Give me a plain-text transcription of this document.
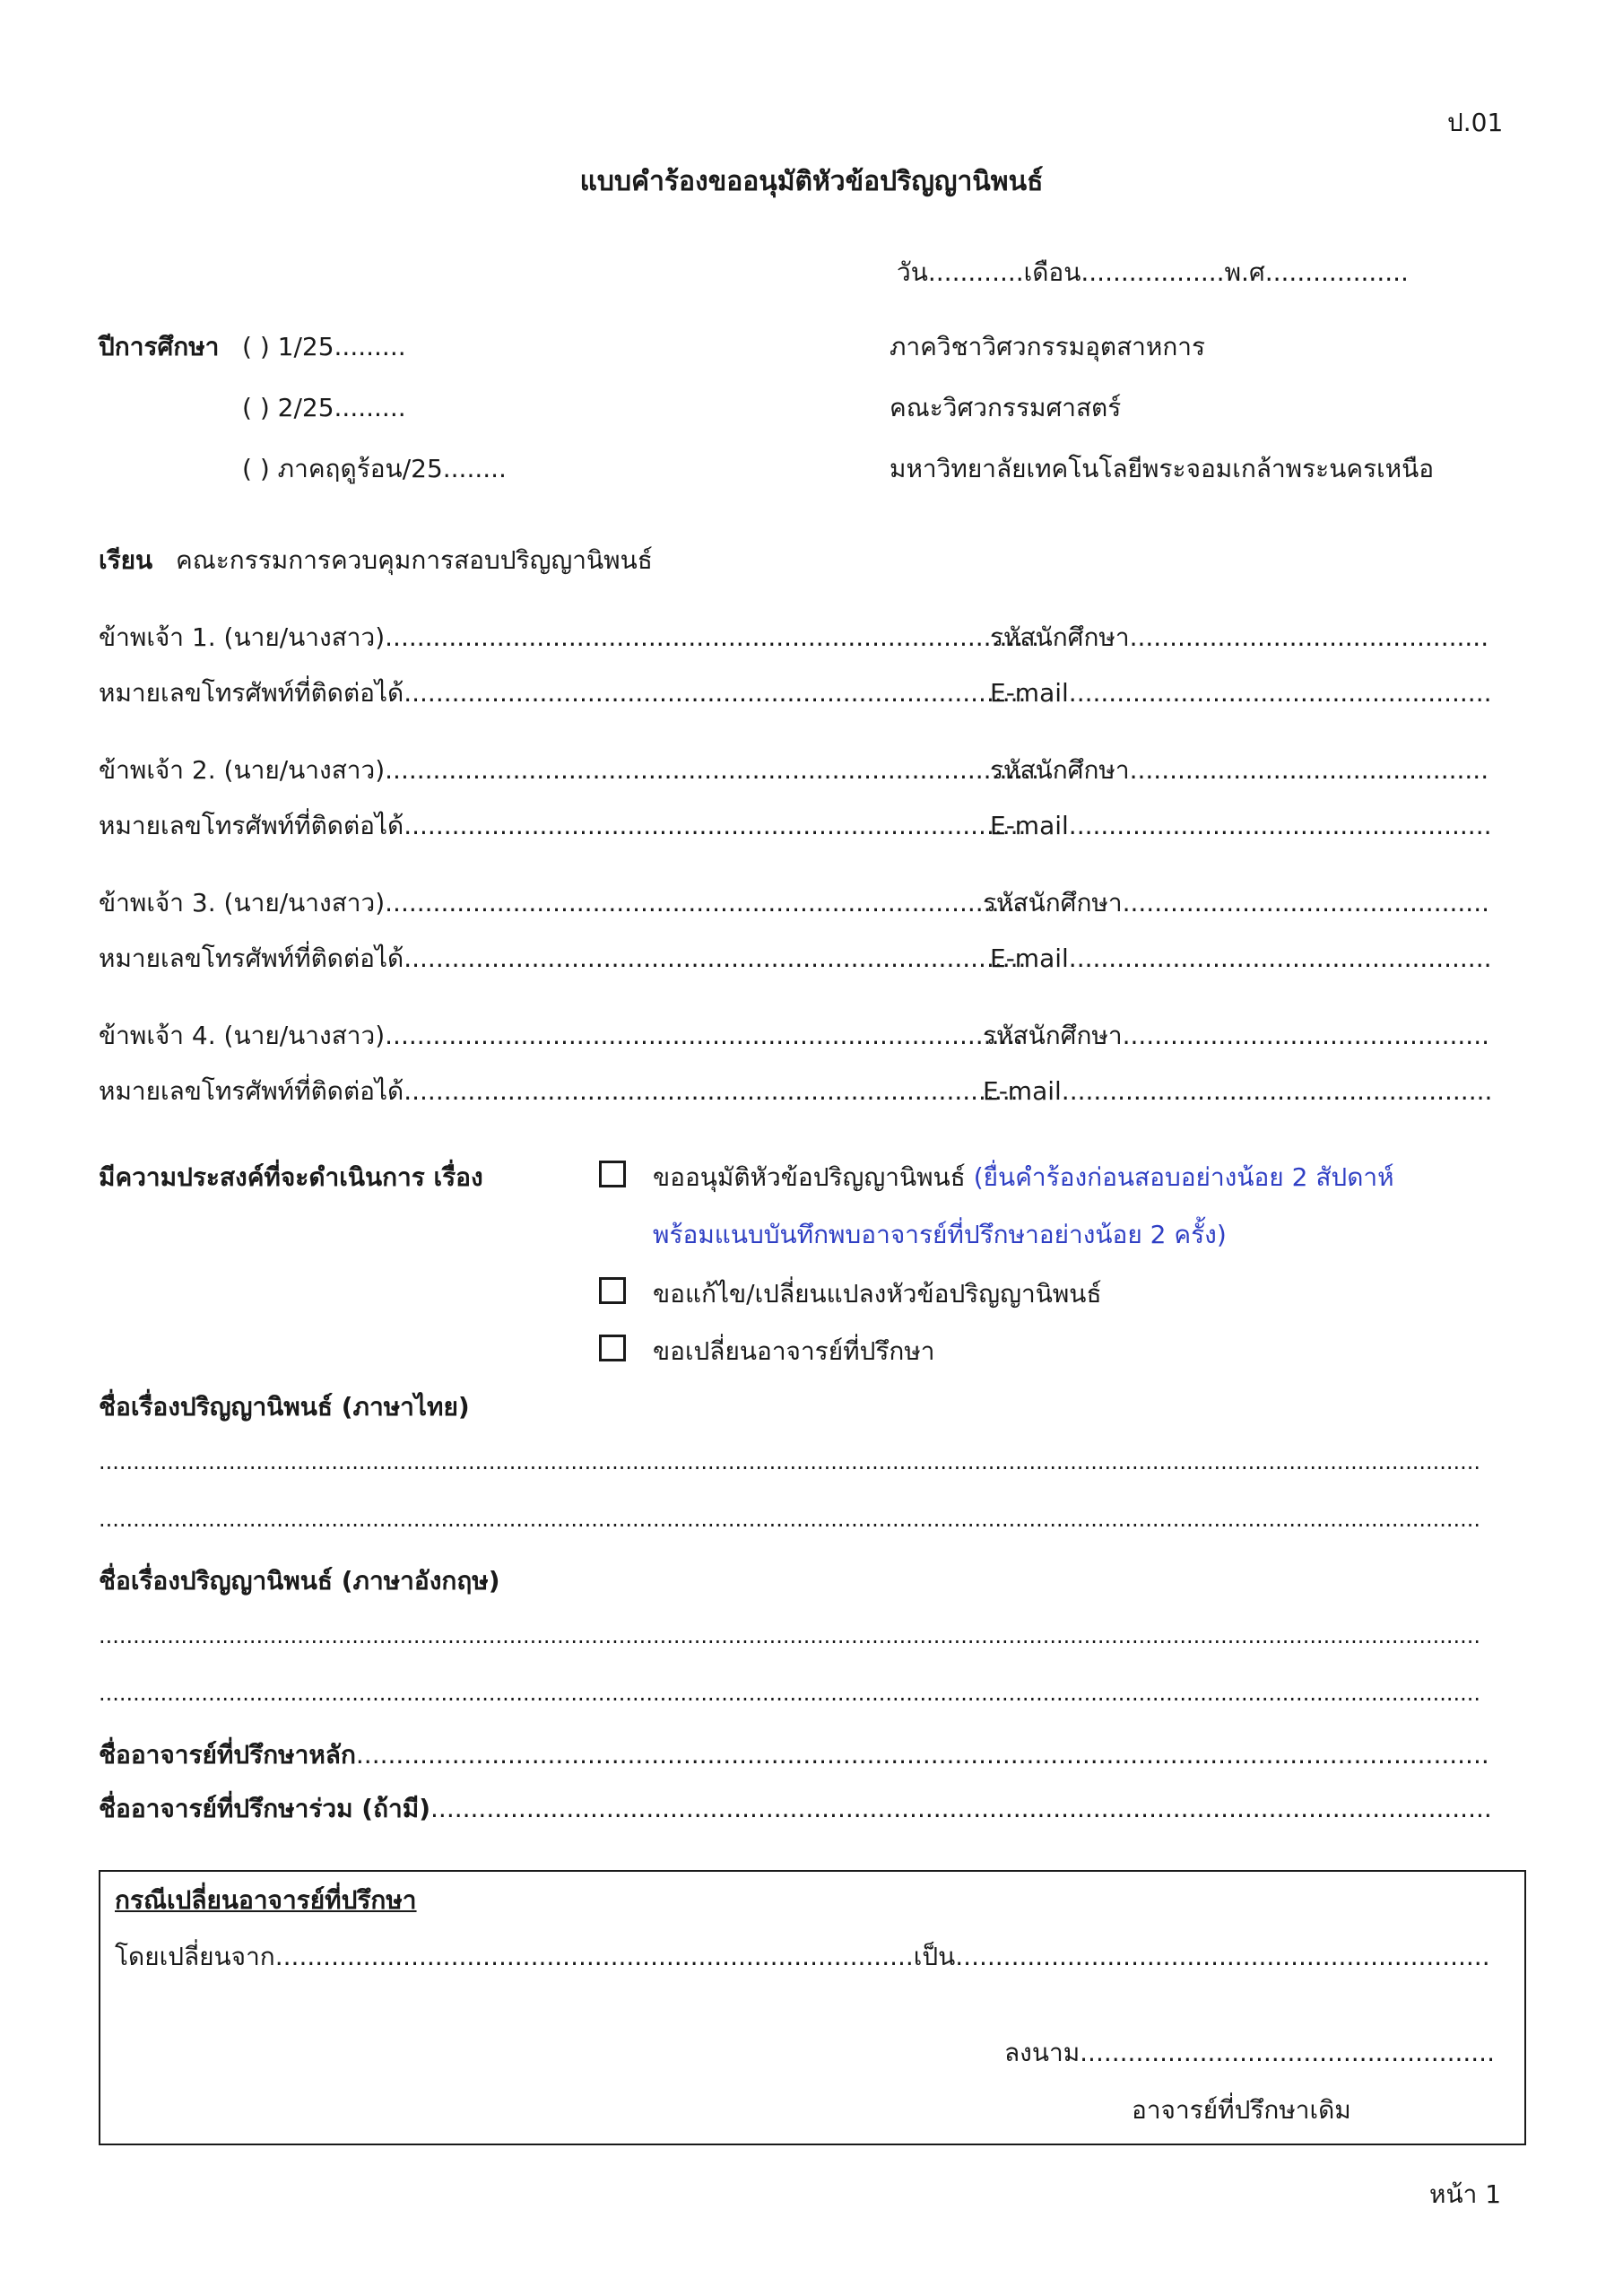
ป.01
แบบคำร้องขออนุมัติหัวข้อปริญญานิพนธ์
วัน............เดือน..................พ.ศ..................
ปีการศึกษา ( ) 1/25.........
( ) 2/25.........
( ) ภาคฤดูร้อน/25........
ภาควิชาวิศวกรรมอุตสาหการ
คณะวิศวกรรมศาสตร์
มหาวิทยาลัยเทคโนโลยีพระจอมเกล้าพระนครเหนือ
เรียน คณะกรรมการควบคุมการสอบปริญญานิพนธ์
ข้าพเจ้า 1. (นาย/นางสาว)..................................................................................
รหัสนักศึกษา.............................................
หมายเลขโทรศัพท์ที่ติดต่อได้..............................................................................
E-mail.....................................................
ข้าพเจ้า 2. (นาย/นางสาว)..................................................................................
รหัสนักศึกษา.............................................
หมายเลขโทรศัพท์ที่ติดต่อได้..............................................................................
E-mail.....................................................
ข้าพเจ้า 3. (นาย/นางสาว)................................................................................
รหัสนักศึกษา..............................................
หมายเลขโทรศัพท์ที่ติดต่อได้..............................................................................
E-mail.....................................................
ข้าพเจ้า 4. (นาย/นางสาว)................................................................................
รหัสนักศึกษา..............................................
หมายเลขโทรศัพท์ที่ติดต่อได้.............................................................................
E-mail......................................................
มีความประสงค์ที่จะดำเนินการ เรื่อง	ขออนุมัติหัวข้อปริญญานิพนธ์ (ยื่นคำร้องก่อนสอบอย่างน้อย 2 สัปดาห์
พร้อมแนบบันทึกพบอาจารย์ที่ปรึกษาอย่างน้อย 2 ครั้ง)
ขอแก้ไข/เปลี่ยนแปลงหัวข้อปริญญานิพนธ์
ขอเปลี่ยนอาจารย์ที่ปรึกษา
ชื่อเรื่องปริญญานิพนธ์ (ภาษาไทย)
..........................................................................................................................................................................................................
..........................................................................................................................................................................................................
ชื่อเรื่องปริญญานิพนธ์ (ภาษาอังกฤษ)
..........................................................................................................................................................................................................
..........................................................................................................................................................................................................
ชื่ออาจารย์ที่ปรึกษาหลัก..............................................................................................................................................
ชื่ออาจารย์ที่ปรึกษาร่วม (ถ้ามี).....................................................................................................................................
กรณีเปลี่ยนอาจารย์ที่ปรึกษา
โดยเปลี่ยนจาก................................................................................เป็น...................................................................
ลงนาม....................................................
อาจารย์ที่ปรึกษาเดิม
หน้า 1
